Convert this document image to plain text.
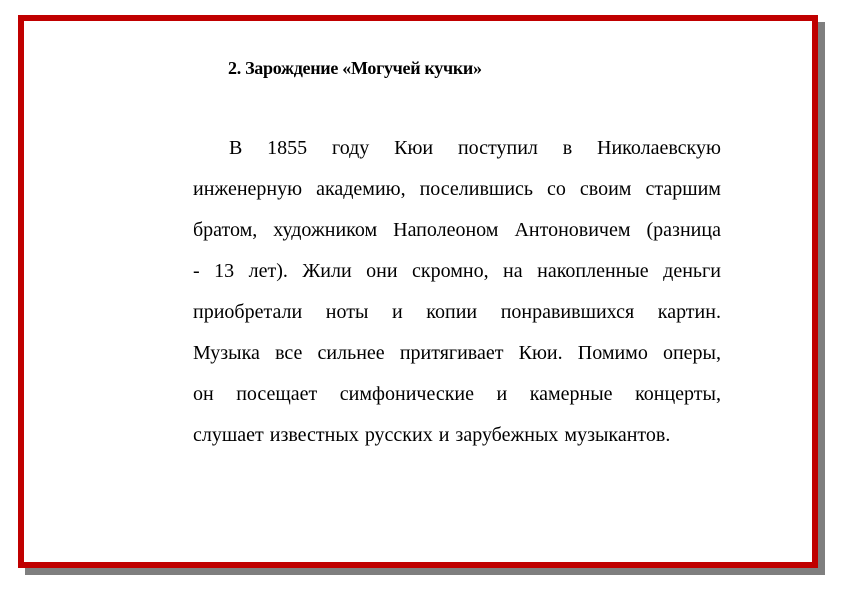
2. Зарождение «Могучей кучки»
В 1855 году Кюи поступил в Николаевскую
инженерную академию, поселившись со своим старшим
братом, художником Наполеоном Антоновичем (разница
- 13 лет). Жили они скромно, на накопленные деньги
приобретали ноты и копии понравившихся картин.
Музыка все сильнее притягивает Кюи. Помимо оперы,
он посещает симфонические и камерные концерты,
слушает известных русских и зарубежных музыкантов.
